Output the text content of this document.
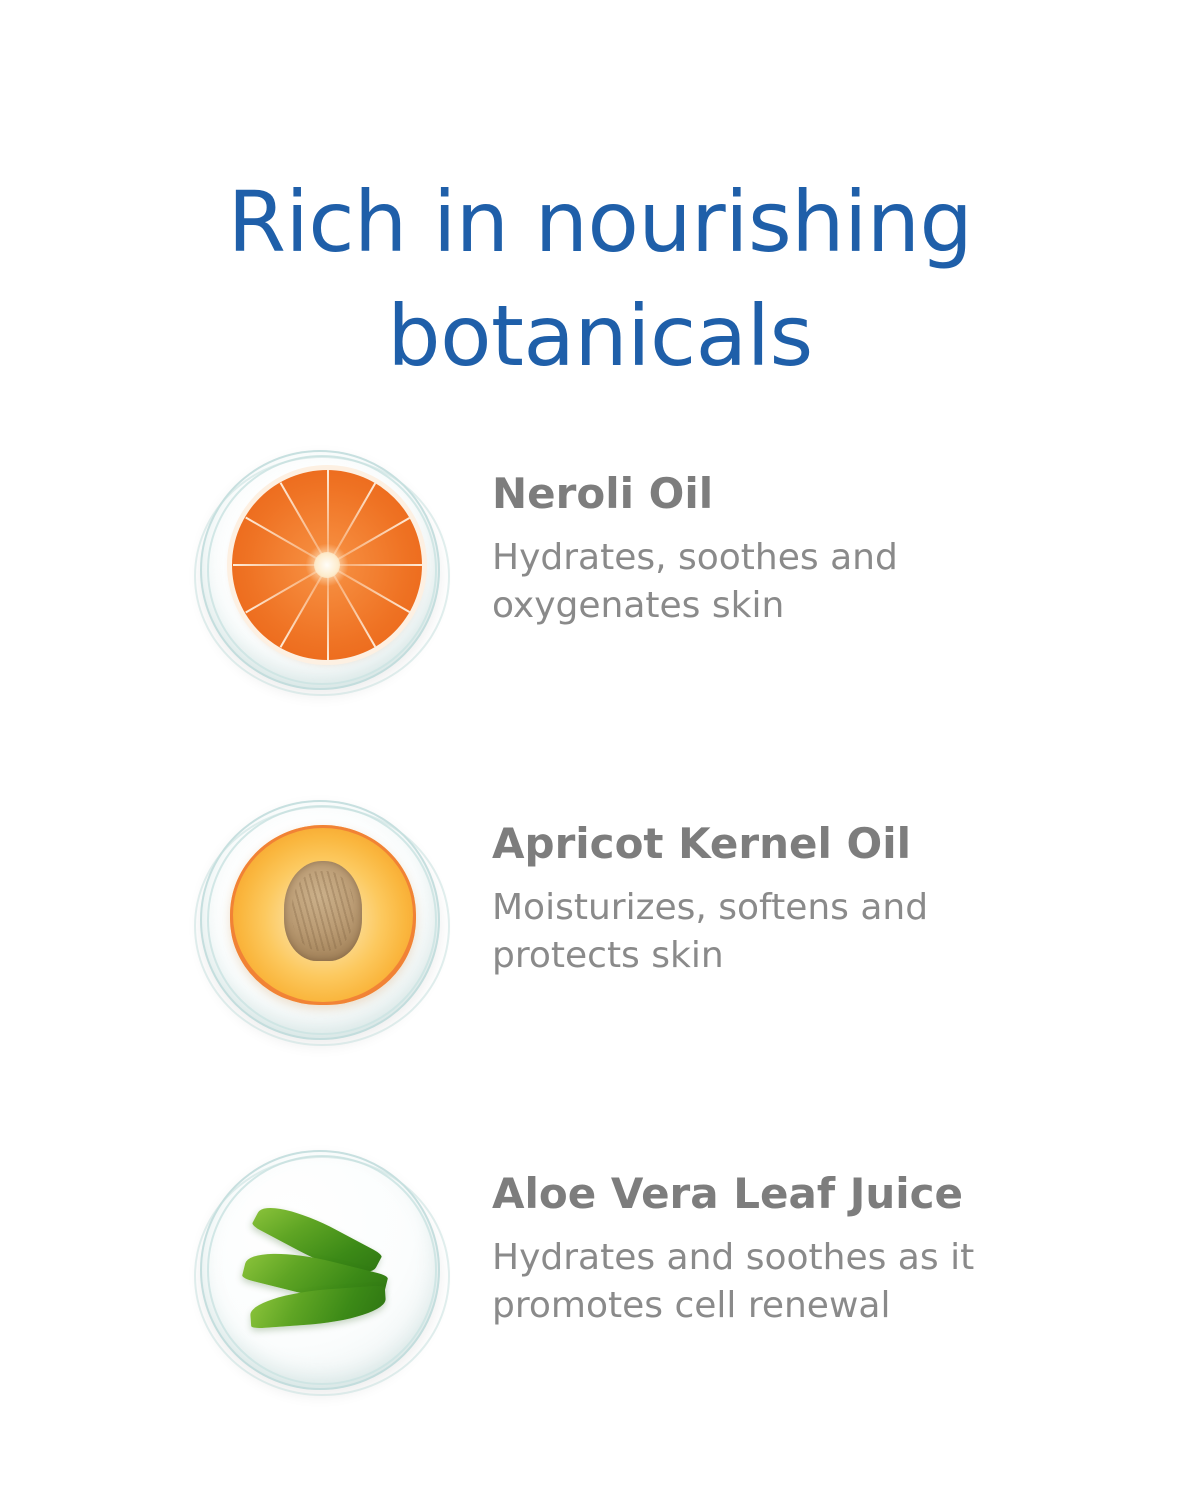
Rich in nourishing botanicals

Neroli Oil

Hydrates, soothes and oxygenates skin

Apricot Kernel Oil

Moisturizes, softens and protects skin

Aloe Vera Leaf Juice

Hydrates and soothes as it promotes cell renewal
